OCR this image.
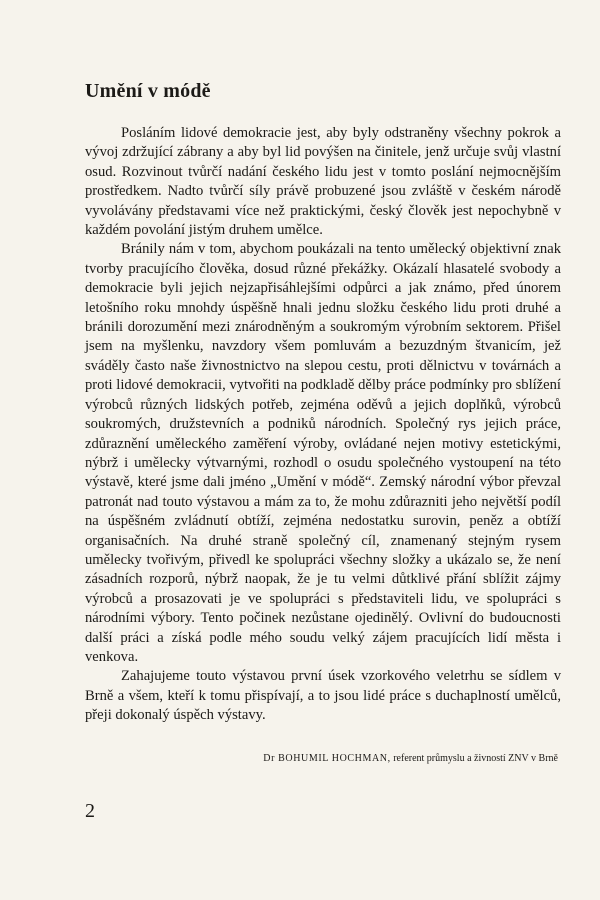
Umění v módě

Posláním lidové demokracie jest, aby byly odstraněny všechny pokrok a vývoj zdržující zábrany a aby byl lid povýšen na činitele, jenž určuje svůj vlastní osud. Rozvinout tvůrčí nadání českého lidu jest v tomto poslání nejmocnějším prostředkem. Nadto tvůrčí síly právě probuzené jsou zvláště v českém národě vyvolávány představami více než praktickými, český člověk jest nepochybně v každém povolání jistým druhem umělce.

Bránily nám v tom, abychom poukázali na tento umělecký objektivní znak tvorby pracujícího člověka, dosud různé překážky. Okázalí hlasatelé svobody a demokracie byli jejich nejzapřisáhlejšími odpůrci a jak známo, před únorem letošního roku mnohdy úspěšně hnali jednu složku českého lidu proti druhé a bránili dorozumění mezi znárodněným a soukromým výrobním sektorem. Přišel jsem na myšlenku, navzdory všem pomluvám a bezuzdným štvanicím, jež sváděly často naše živnostnictvo na slepou cestu, proti dělnictvu v továrnách a proti lidové demokracii, vytvořiti na podkladě dělby práce podmínky pro sblížení výrobců různých lidských potřeb, zejména oděvů a jejich doplňků, výrobců soukromých, družstevních a podniků národních. Společný rys jejich práce, zdůraznění uměleckého zaměření výroby, ovládané nejen motivy estetickými, nýbrž i umělecky výtvarnými, rozhodl o osudu společného vystoupení na této výstavě, které jsme dali jméno „Umění v módě“. Zemský národní výbor převzal patronát nad touto výstavou a mám za to, že mohu zdůrazniti jeho největší podíl na úspěšném zvládnutí obtíží, zejména nedostatku surovin, peněz a obtíží organisačních. Na druhé straně společný cíl, znamenaný stejným rysem umělecky tvořivým, přivedl ke spolupráci všechny složky a ukázalo se, že není zásadních rozporů, nýbrž naopak, že je tu velmi důtklivé přání sblížit zájmy výrobců a prosazovati je ve spolupráci s představiteli lidu, ve spolupráci s národními výbory. Tento počinek nezůstane ojedinělý. Ovlivní do budoucnosti další práci a získá podle mého soudu velký zájem pracujících lidí města i venkova.

Zahajujeme touto výstavou první úsek vzorkového veletrhu se sídlem v Brně a všem, kteří k tomu přispívají, a to jsou lidé práce s duchaplností umělců, přeji dokonalý úspěch výstavy.

Dr BOHUMIL HOCHMAN, referent průmyslu a živností ZNV v Brně
2
